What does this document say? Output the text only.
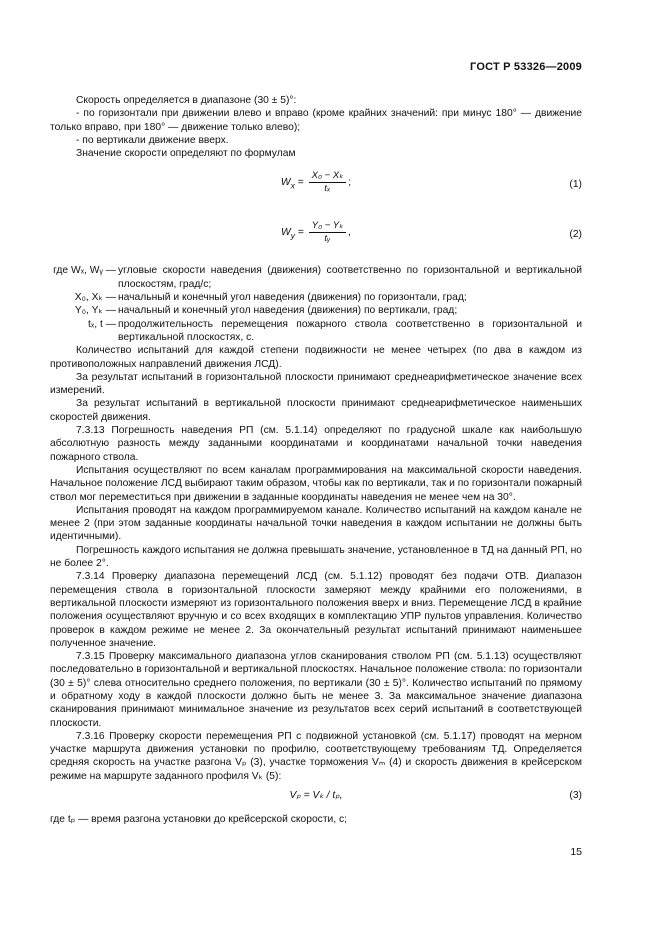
ГОСТ Р 53326—2009

Скорость определяется в диапазоне (30 ± 5)°:

- по горизонтали при движении влево и вправо (кроме крайних значений: при минус 180° — движение только вправо, при 180° — движение только влево);

- по вертикали движение вверх.

Значение скорости определяют по формулам

$W_x = \frac{\text{X₀ − Xₖ}}{\text{tₓ}}$ ;	(1)
$W_y = \frac{\text{Y₀ − Yₖ}}{\text{tᵧ}}$ ,	(2)
где Wₓ, Wᵧ — угловые скорости наведения (движения) соответственно по горизонтальной и вертикальной плоскостям, град/с;
X₀, Xₖ — начальный и конечный угол наведения (движения) по горизонтали, град;
Y₀, Yₖ — начальный и конечный угол наведения (движения) по вертикали, град;
tₓ, t — продолжительность перемещения пожарного ствола соответственно в горизонтальной и вертикальной плоскостях, с.

Количество испытаний для каждой степени подвижности не менее четырех (по два в каждом из противоположных направлений движения ЛСД).

За результат испытаний в горизонтальной плоскости принимают среднеарифметическое значение всех измерений.

За результат испытаний в вертикальной плоскости принимают среднеарифметическое наименьших скоростей движения.

7.3.13 Погрешность наведения РП (см. 5.1.14) определяют по градусной шкале как наибольшую абсолютную разность между заданными координатами и координатами начальной точки наведения пожарного ствола.

Испытания осуществляют по всем каналам программирования на максимальной скорости наведения. Начальное положение ЛСД выбирают таким образом, чтобы как по вертикали, так и по горизонтали пожарный ствол мог переместиться при движении в заданные координаты наведения не менее чем на 30°.

Испытания проводят на каждом программируемом канале. Количество испытаний на каждом канале не менее 2 (при этом заданные координаты начальной точки наведения в каждом испытании не должны быть идентичными).

Погрешность каждого испытания не должна превышать значение, установленное в ТД на данный РП, но не более 2°.

7.3.14 Проверку диапазона перемещений ЛСД (см. 5.1.12) проводят без подачи ОТВ. Диапазон перемещения ствола в горизонтальной плоскости замеряют между крайними его положениями, в вертикальной плоскости измеряют из горизонтального положения вверх и вниз. Перемещение ЛСД в крайние положения осуществляют вручную и со всех входящих в комплектацию УПР пультов управления. Количество проверок в каждом режиме не менее 2. За окончательный результат испытаний принимают наименьшее полученное значение.

7.3.15 Проверку максимального диапазона углов сканирования стволом РП (см. 5.1.13) осуществляют последовательно в горизонтальной и вертикальной плоскостях. Начальное положение ствола: по горизонтали (30 ± 5)° слева относительно среднего положения, по вертикали (30 ± 5)°. Количество испытаний по прямому и обратному ходу в каждой плоскости должно быть не менее 3. За максимальное значение диапазона сканирования принимают минимальное значение из результатов всех серий испытаний в соответствующей плоскости.

7.3.16 Проверку скорости перемещения РП с подвижной установкой (см. 5.1.17) проводят на мерном участке маршрута движения установки по профилю, соответствующему требованиям ТД. Определяется средняя скорость на участке разгона Vₚ (3), участке торможения Vₘ (4) и скорость движения в крейсерском режиме на маршруте заданного профиля Vₖ (5):

Vₚ = Vₖ / tₚ,	(3)

где tₚ — время разгона установки до крейсерской скорости, с;

15
